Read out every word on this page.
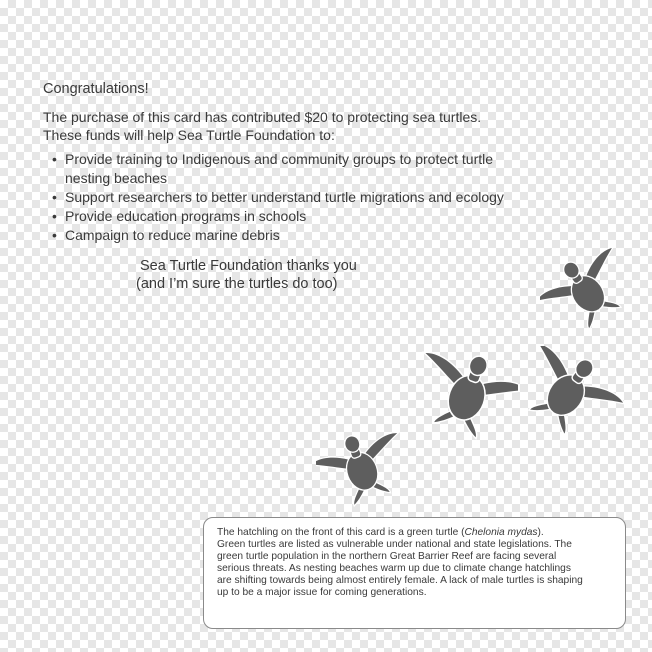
Congratulations!
The purchase of this card has contributed $20 to protecting sea turtles.
These funds will help Sea Turtle Foundation to:
• Provide training to Indigenous and community groups to protect turtle
nesting beaches
• Support researchers to better understand turtle migrations and ecology
• Provide education programs in schools
• Campaign to reduce marine debris
Sea Turtle Foundation thanks you
(and I’m sure the turtles do too)
The hatchling on the front of this card is a green turtle (Chelonia mydas).
Green turtles are listed as vulnerable under national and state legislations. The
green turtle population in the northern Great Barrier Reef are facing several
serious threats. As nesting beaches warm up due to climate change hatchlings
are shifting towards being almost entirely female. A lack of male turtles is shaping
up to be a major issue for coming generations.
